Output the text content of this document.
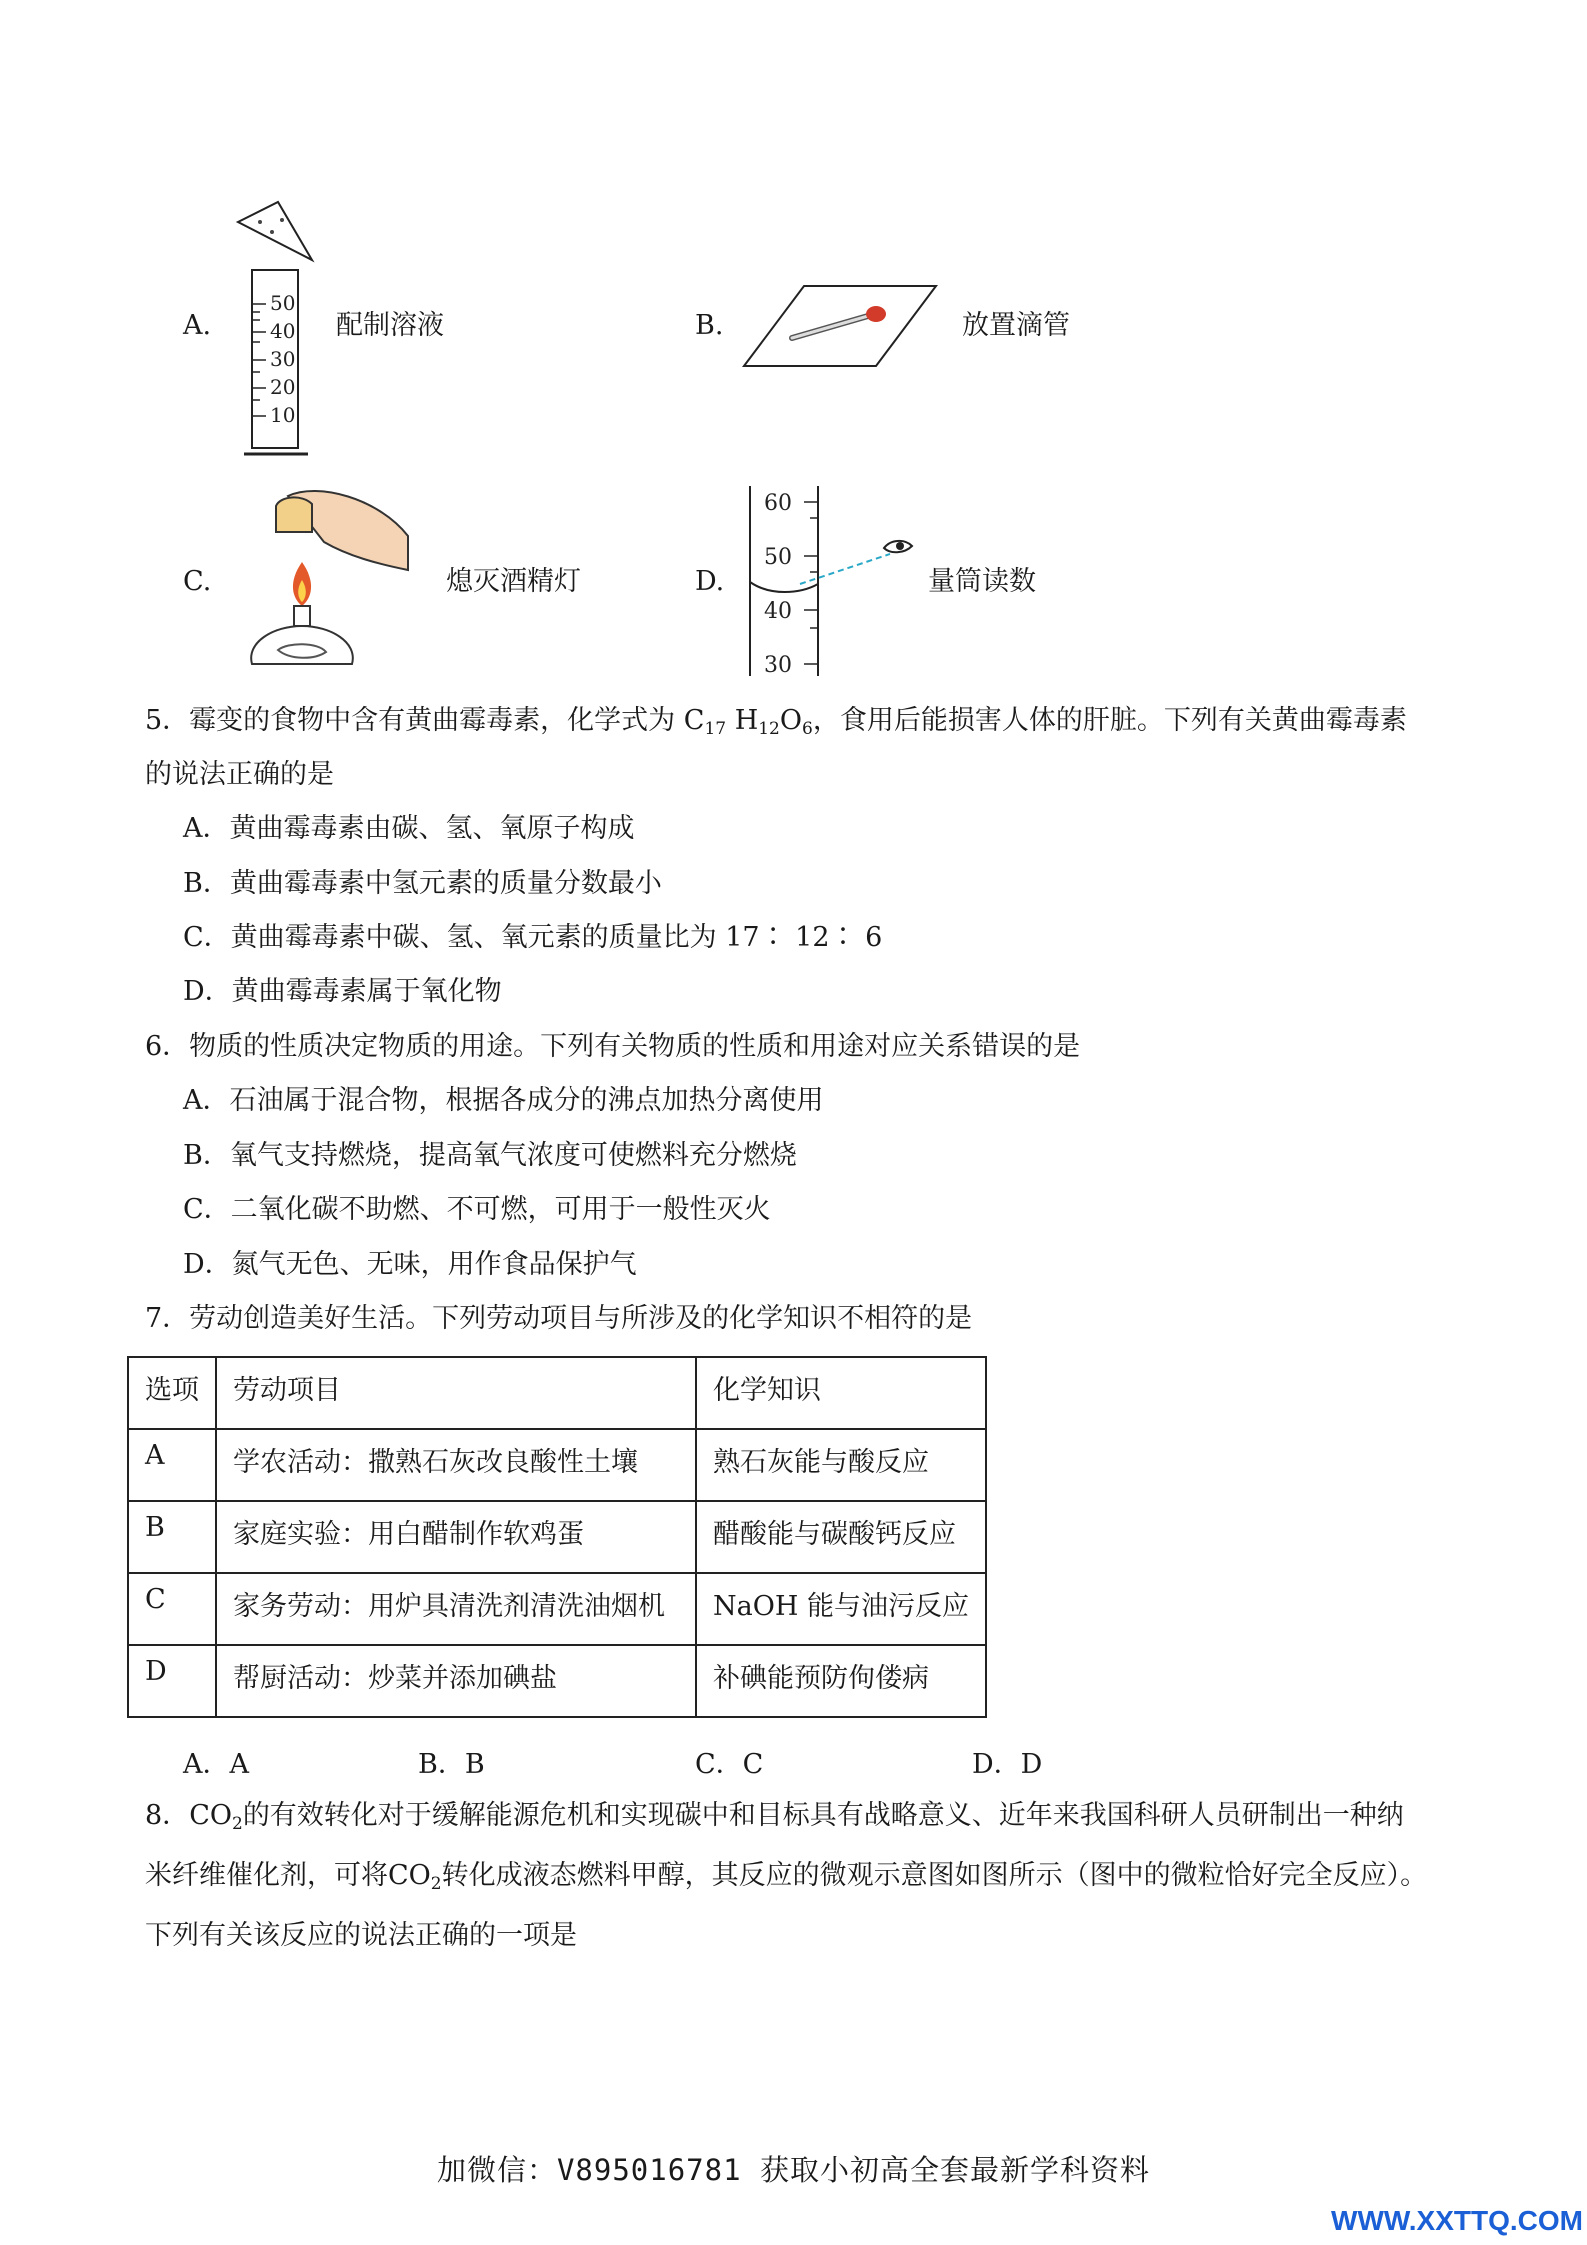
A.
50
40
30
20
10
配制溶液	B.	放置滴管
C.	熄灭酒精灯	D.
60
50
40
30
量筒读数
5．霉变的食物中含有黄曲霉毒素，化学式为 $C_{17}$ $H_{12}O_6$，食用后能损害人体的肝脏。下列有关黄曲霉毒素
的说法正确的是
A．黄曲霉毒素由碳、氢、氧原子构成
B．黄曲霉毒素中氢元素的质量分数最小
C．黄曲霉毒素中碳、氢、氧元素的质量比为 17∶ 12∶ 6
D．黄曲霉毒素属于氧化物
6．物质的性质决定物质的用途。下列有关物质的性质和用途对应关系错误的是
A．石油属于混合物，根据各成分的沸点加热分离使用
B．氧气支持燃烧，提高氧气浓度可使燃料充分燃烧
C．二氧化碳不助燃、不可燃，可用于一般性灭火
D．氮气无色、无味，用作食品保护气
7．劳动创造美好生活。下列劳动项目与所涉及的化学知识不相符的是
选项	劳动项目	化学知识
A	学农活动：撒熟石灰改良酸性土壤	熟石灰能与酸反应
B	家庭实验：用白醋制作软鸡蛋	醋酸能与碳酸钙反应
C	家务劳动：用炉具清洗剂清洗油烟机	NaOH 能与油污反应
D	帮厨活动：炒菜并添加碘盐	补碘能预防佝偻病
A．A	B．B	C．C	D．D
8．$CO_2$的有效转化对于缓解能源危机和实现碳中和目标具有战略意义、近年来我国科研人员研制出一种纳
米纤维催化剂，可将$CO_2$转化成液态燃料甲醇，其反应的微观示意图如图所示（图中的微粒恰好完全反应）。
下列有关该反应的说法正确的一项是
加微信：V895016781 获取小初高全套最新学科资料
WWW.XXTTQ.COM
